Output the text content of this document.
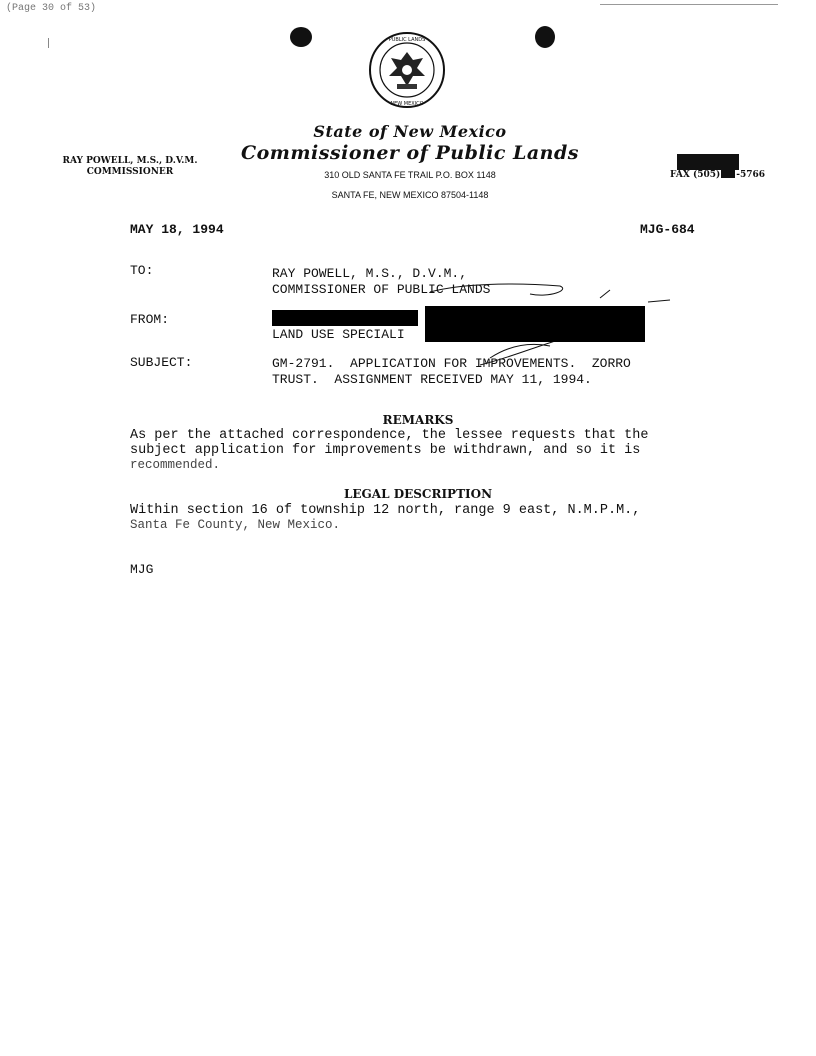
(Page 30 of 53)
PUBLIC LANDS
NEW MEXICO
State of New Mexico
Commissioner of Public Lands
310 OLD SANTA FE TRAIL P.O. BOX 1148
SANTA FE, NEW MEXICO 87504-1148
RAY POWELL, M.S., D.V.M.
COMMISSIONER	FAX (505) -5766
MAY 18, 1994	MJG-684
TO:	RAY POWELL, M.S., D.V.M.,
COMMISSIONER OF PUBLIC LANDS
FROM:
LAND USE SPECIALI
SUBJECT:	GM-2791.  APPLICATION FOR IMPROVEMENTS.  ZORRO
TRUST.  ASSIGNMENT RECEIVED MAY 11, 1994.
REMARKS
As per the attached correspondence, the lessee requests that the
subject application for improvements be withdrawn, and so it is
recommended.
LEGAL DESCRIPTION
Within section 16 of township 12 north, range 9 east, N.M.P.M.,
Santa Fe County, New Mexico.
MJG
